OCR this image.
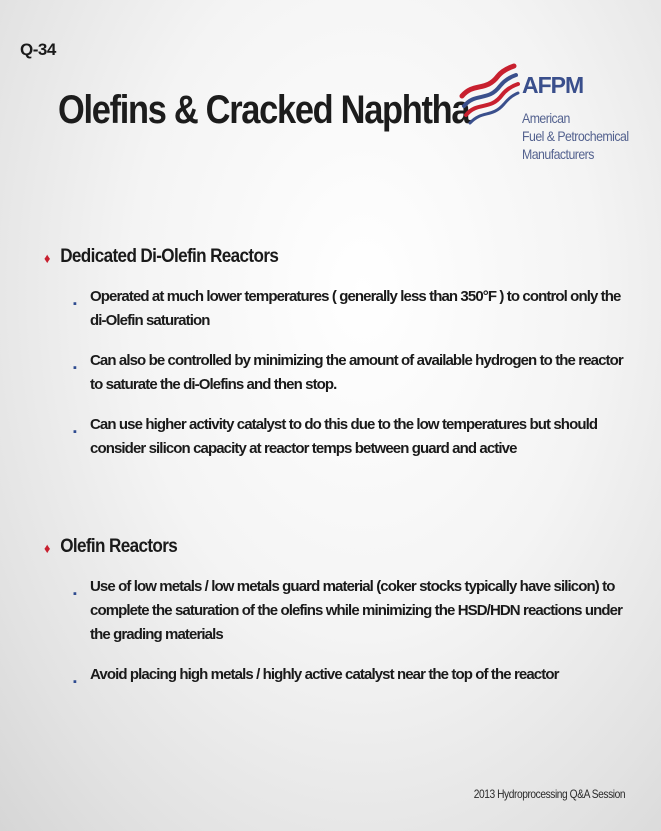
Q-34
Olefins & Cracked Naphtha
AFPM
American
Fuel & Petrochemical
Manufacturers
♦ Dedicated Di-Olefin Reactors
▪ Operated at much lower temperatures ( generally less than 350°F ) to control only the di-Olefin saturation
▪ Can also be controlled by minimizing the amount of available hydrogen to the reactor to saturate the di-Olefins and then stop.
▪ Can use higher activity catalyst to do this due to the low temperatures but should consider silicon capacity at reactor temps between guard and active
♦ Olefin Reactors
▪ Use of low metals / low metals guard material (coker stocks typically have silicon) to complete the saturation of the olefins while minimizing the HSD/HDN reactions under the grading materials
▪ Avoid placing high metals / highly active catalyst near the top of the reactor
2013 Hydroprocessing Q&A Session
